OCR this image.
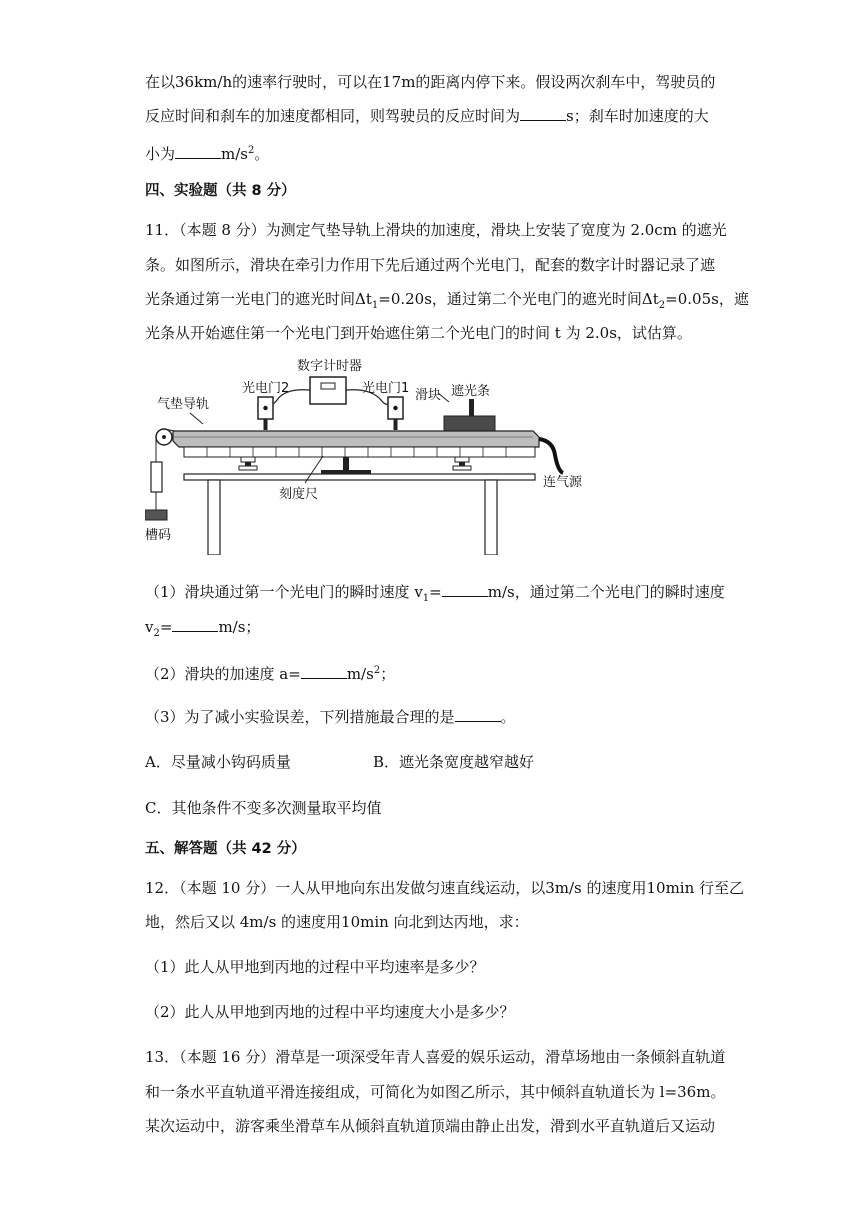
在以36km/h的速率行驶时，可以在17m的距离内停下来。假设两次刹车中，驾驶员的
反应时间和刹车的加速度都相同，则驾驶员的反应时间为	s；刹车时加速度的大
小为	$m/s^2$。
四、实验题（共 8 分）
11．（本题 8 分）为测定气垫导轨上滑块的加速度，滑块上安装了宽度为 2.0cm 的遮光
条。如图所示，滑块在牵引力作用下先后通过两个光电门，配套的数字计时器记录了遮
光条通过第一光电门的遮光时间$\Delta t_1=0.20s$，通过第二个光电门的遮光时间$\Delta t_2=0.05s$，遮
光条从开始遮住第一个光电门到开始遮住第二个光电门的时间 t 为 2.0s，试估算。
数字计时器
光电门2	光电门1 滑块 遮光条
气垫导轨
槽码
刻度尺
连气源
（1）滑块通过第一个光电门的瞬时速度 $v_1=$	m/s，通过第二个光电门的瞬时速度
$v_2=$	m/s；
（2）滑块的加速度 a=	$m/s^2$；
（3）为了减小实验误差，下列措施最合理的是	。
A．尽量减小钩码质量	B．遮光条宽度越窄越好
C．其他条件不变多次测量取平均值
五、解答题（共 42 分）
12．（本题 10 分）一人从甲地向东出发做匀速直线运动，以3m/s 的速度用10min 行至乙
地，然后又以 4m/s 的速度用10min 向北到达丙地，求：
（1）此人从甲地到丙地的过程中平均速率是多少？
（2）此人从甲地到丙地的过程中平均速度大小是多少？
13．（本题 16 分）滑草是一项深受年青人喜爱的娱乐运动，滑草场地由一条倾斜直轨道
和一条水平直轨道平滑连接组成，可简化为如图乙所示，其中倾斜直轨道长为 l=36m。
某次运动中，游客乘坐滑草车从倾斜直轨道顶端由静止出发，滑到水平直轨道后又运动
